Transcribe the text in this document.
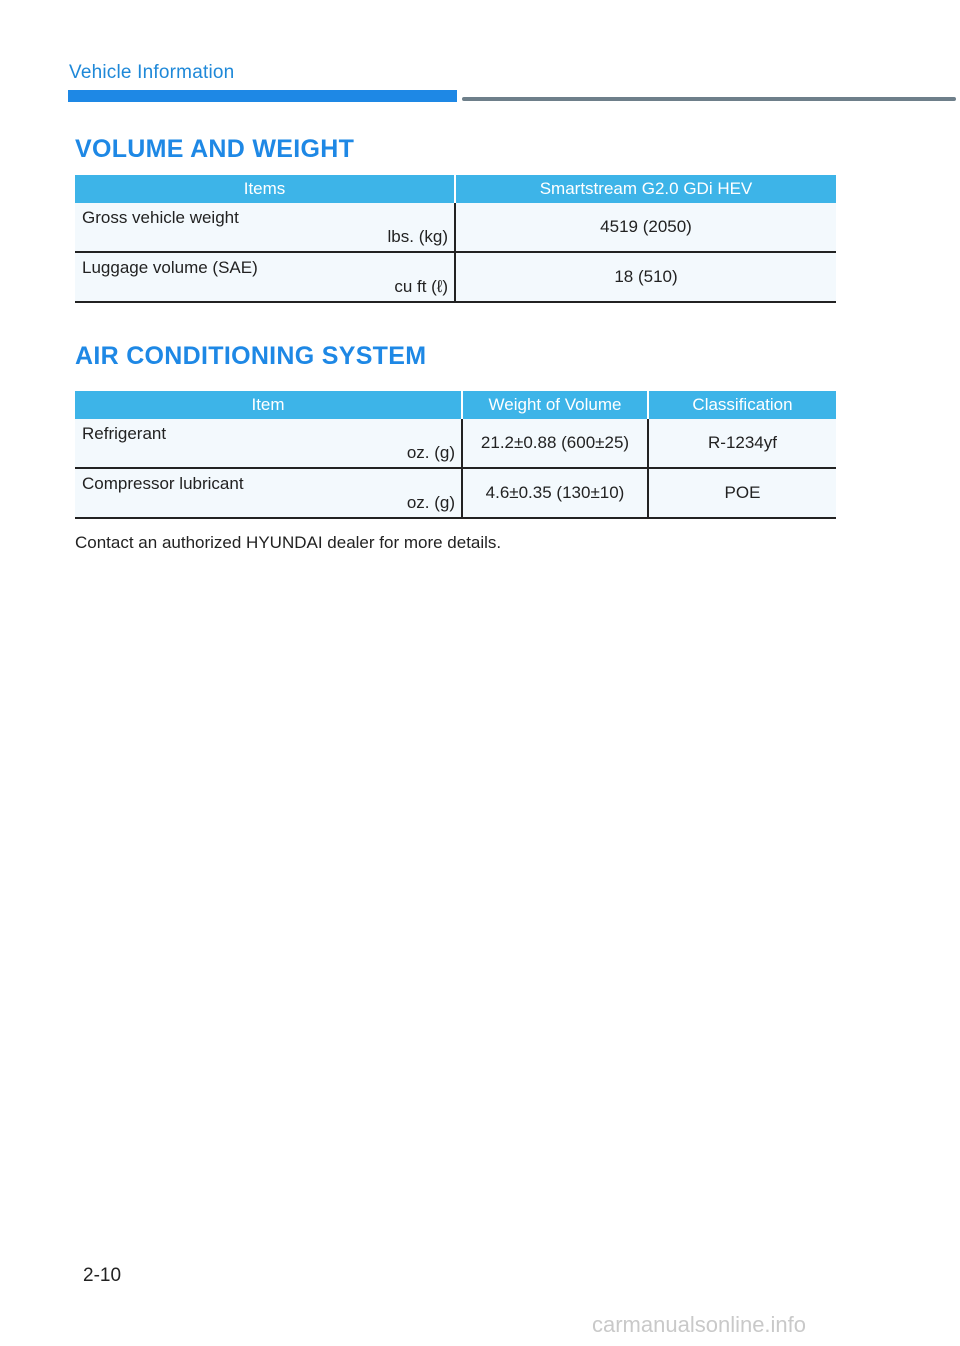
Vehicle Information
VOLUME AND WEIGHT
Items	Smartstream G2.0 GDi HEV

Gross vehicle weight
lbs. (kg)	4519 (2050)

Luggage volume (SAE)
cu ft (ℓ)	18 (510)
AIR CONDITIONING SYSTEM
Item	Weight of Volume	Classification

Refrigerant
oz. (g)	21.2±0.88 (600±25)	R-1234yf

Compressor lubricant
oz. (g)	4.6±0.35 (130±10)	POE
Contact an authorized HYUNDAI dealer for more details.
2-10
carmanualsonline.info
